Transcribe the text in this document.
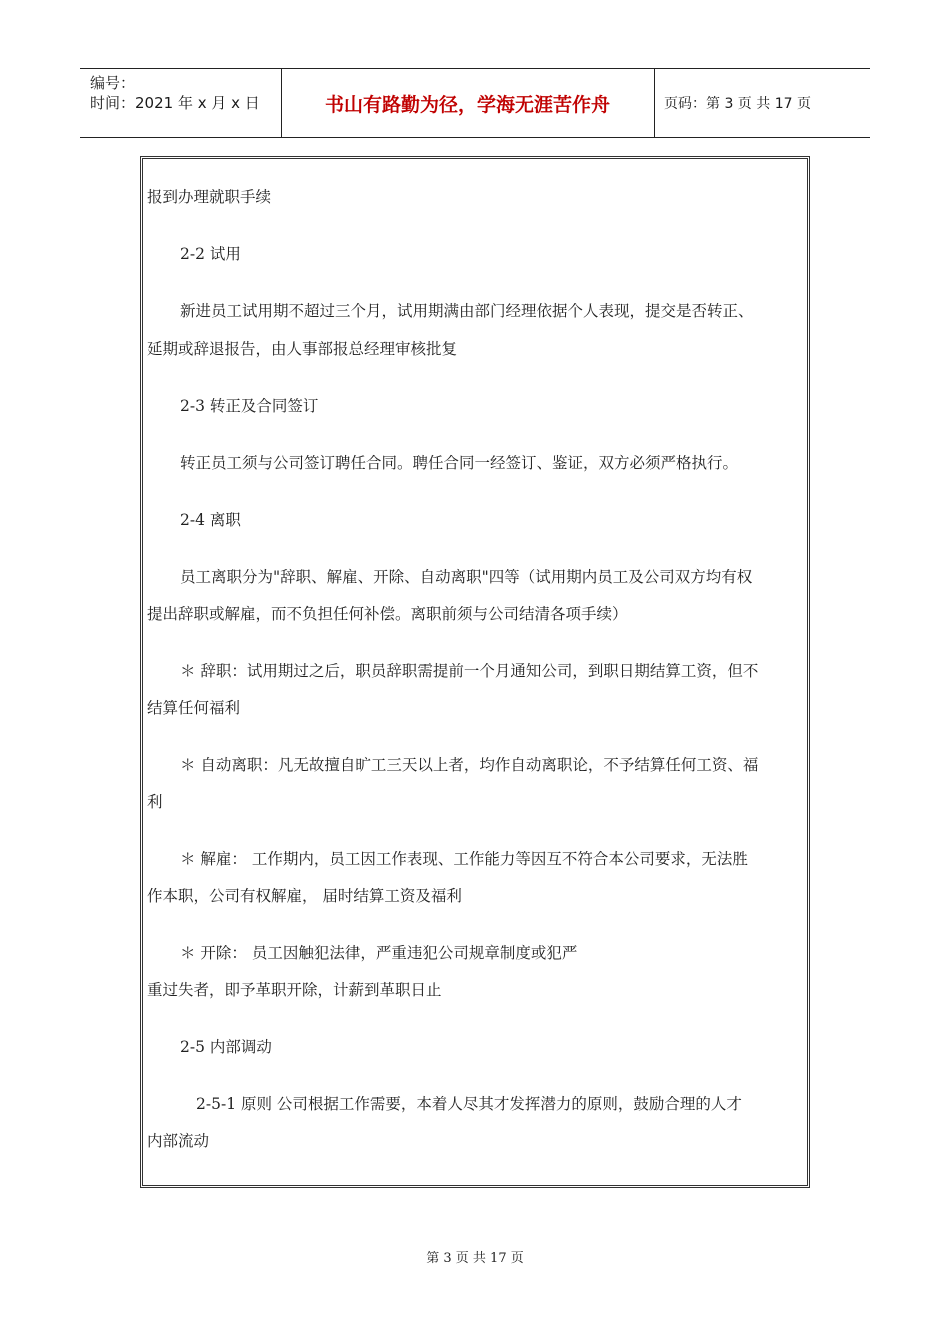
编号：
时间：2021 年 x 月 x 日	书山有路勤为径，学海无涯苦作舟	页码：第 3 页 共 17 页
报到办理就职手续
2-2 试用
新进员工试用期不超过三个月，试用期满由部门经理依据个人表现，提交是否转正、
延期或辞退报告，由人事部报总经理审核批复
2-3 转正及合同签订
转正员工须与公司签订聘任合同。聘任合同一经签订、鉴证，双方必须严格执行。
2-4 离职
员工离职分为"辞职、解雇、开除、自动离职"四等（试用期内员工及公司双方均有权
提出辞职或解雇，而不负担任何补偿。离职前须与公司结清各项手续）
＊ 辞职：试用期过之后，职员辞职需提前一个月通知公司，到职日期结算工资，但不
结算任何福利
＊ 自动离职：凡无故擅自旷工三天以上者，均作自动离职论，不予结算任何工资、福
利
＊ 解雇： 工作期内，员工因工作表现、工作能力等因互不符合本公司要求，无法胜
作本职，公司有权解雇， 届时结算工资及福利
＊ 开除： 员工因触犯法律，严重违犯公司规章制度或犯严
重过失者，即予革职开除，计薪到革职日止
2-5 内部调动
2-5-1 原则 公司根据工作需要，本着人尽其才发挥潜力的原则，鼓励合理的人才
内部流动
第 3 页 共 17 页
